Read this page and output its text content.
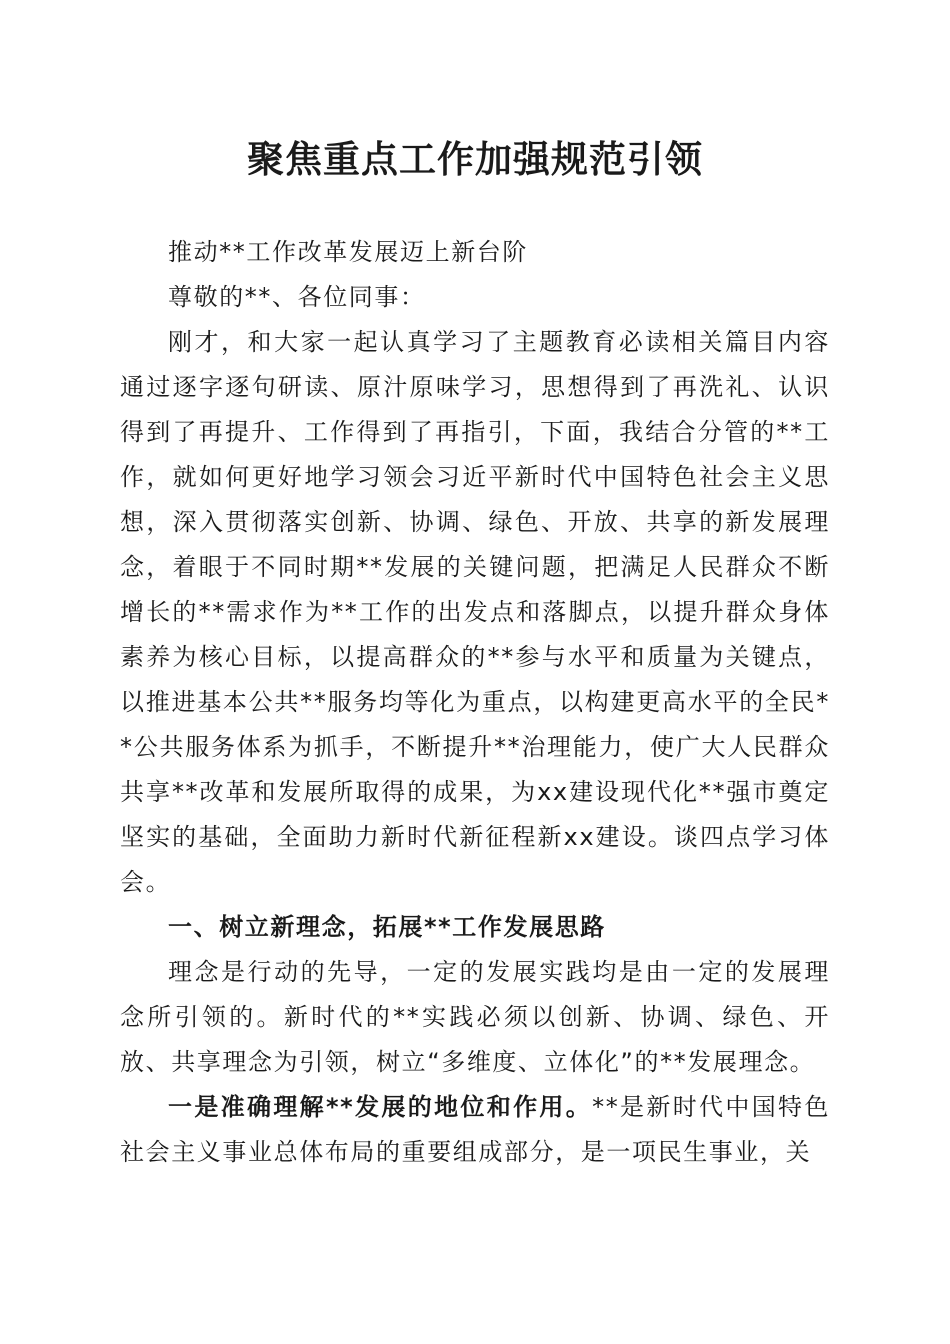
聚焦重点工作加强规范引领

推动**工作改革发展迈上新台阶

尊敬的**、各位同事：

刚才，和大家一起认真学习了主题教育必读相关篇目内容通过逐字逐句研读、原汁原味学习，思想得到了再洗礼、认识得到了再提升、工作得到了再指引，下面，我结合分管的**工作，就如何更好地学习领会习近平新时代中国特色社会主义思想，深入贯彻落实创新、协调、绿色、开放、共享的新发展理念，着眼于不同时期**发展的关键问题，把满足人民群众不断增长的**需求作为**工作的出发点和落脚点，以提升群众身体素养为核心目标，以提高群众的**参与水平和质量为关键点，以推进基本公共**服务均等化为重点，以构建更高水平的全民**公共服务体系为抓手，不断提升**治理能力，使广大人民群众共享**改革和发展所取得的成果，为xx建设现代化**强市奠定坚实的基础，全面助力新时代新征程新xx建设。谈四点学习体会。

一、树立新理念，拓展**工作发展思路

理念是行动的先导，一定的发展实践均是由一定的发展理念所引领的。新时代的**实践必须以创新、协调、绿色、开放、共享理念为引领，树立“多维度、立体化”的**发展理念。

一是准确理解**发展的地位和作用。**是新时代中国特色社会主义事业总体布局的重要组成部分，是一项民生事业，关
